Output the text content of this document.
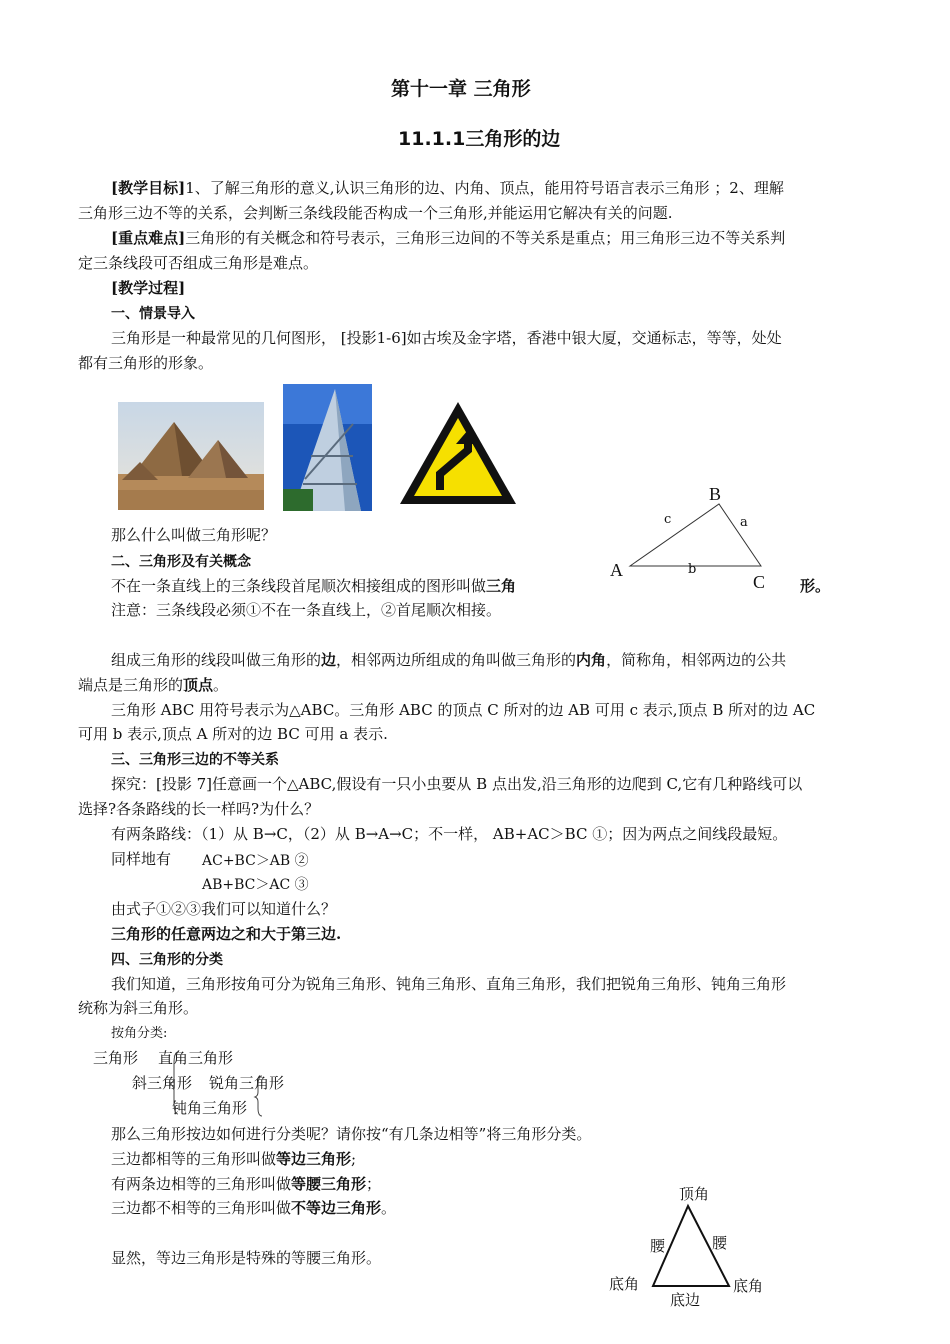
第十一章 三角形
11.1.1三角形的边
[教学目标]1、了解三角形的意义,认识三角形的边、内角、顶点，能用符号语言表示三角形 ；2、理解
三角形三边不等的关系，会判断三条线段能否构成一个三角形,并能运用它解决有关的问题.
[重点难点]三角形的有关概念和符号表示，三角形三边间的不等关系是重点；用三角形三边不等关系判
定三条线段可否组成三角形是难点。
[教学过程]
一、情景导入
三角形是一种最常见的几何图形， [投影1-6]如古埃及金字塔，香港中银大厦，交通标志，等等，处处
都有三角形的形象。
那么什么叫做三角形呢？
B
A
C
c	a
b
二、三角形及有关概念
不在一条直线上的三条线段首尾顺次相接组成的图形叫做三角	形。
注意：三条线段必须①不在一条直线上，②首尾顺次相接。
组成三角形的线段叫做三角形的边，相邻两边所组成的角叫做三角形的内角，简称角，相邻两边的公共
端点是三角形的顶点。
三角形 ABC 用符号表示为△ABC。三角形 ABC 的顶点 C 所对的边 AB 可用 c 表示,顶点 B 所对的边 AC
可用 b 表示,顶点 A 所对的边 BC 可用 a 表示.
三、三角形三边的不等关系
探究：[投影 7]任意画一个△ABC,假设有一只小虫要从 B 点出发,沿三角形的边爬到 C,它有几种路线可以
选择?各条路线的长一样吗?为什么？
有两条路线：（1）从 B→C，（2）从 B→A→C；不一样， AB+AC＞BC ①；因为两点之间线段最短。
同样地有 AC+BC＞AB ②
AB+BC＞AC ③
由式子①②③我们可以知道什么？
三角形的任意两边之和大于第三边.
四、三角形的分类
我们知道，三角形按角可分为锐角三角形、钝角三角形、直角三角形，我们把锐角三角形、钝角三角形
统称为斜三角形。
按角分类:
三角形 直角三角形
斜三角形 锐角三角形
钝角三角形
那么三角形按边如何进行分类呢？请你按“有几条边相等”将三角形分类。
三边都相等的三角形叫做等边三角形;
有两条边相等的三角形叫做等腰三角形；
三边都不相等的三角形叫做不等边三角形。
显然，等边三角形是特殊的等腰三角形。
顶角
腰	腰
底角	底角
底边
